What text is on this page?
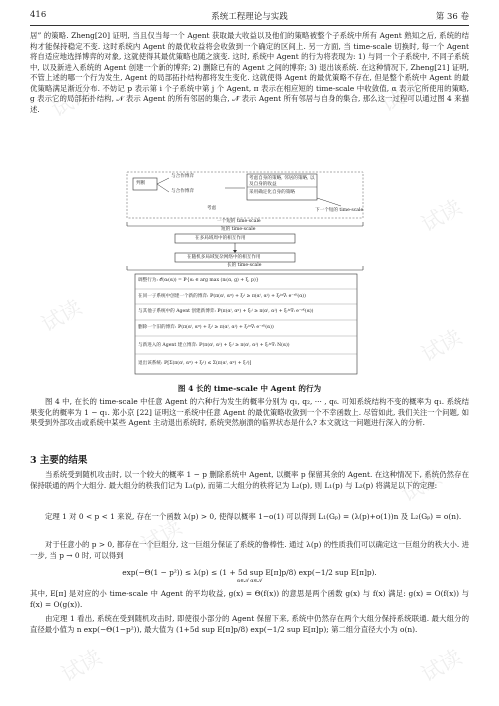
416	系统工程理论与实践	第 36 卷
居” 的策略. Zheng[20] 证明, 当且仅当每一个 Agent 获取最大收益以及他们的策略被整个子系统中所有 Agent 熟知之后, 系统的结构才能保持稳定不变. 这时系统内 Agent 的最优收益将会收敛到一个确定的区间上. 另一方面, 当 time-scale 切换时, 每一个 Agent 将自适应地选择博弈的对象, 这就使得其最优策略也随之演变. 这时, 系统中 Agent 的行为将表现为: 1) 与同一个子系统中, 不同子系统中, 以及新进入系统的 Agent 创建一个新的博弈; 2) 删除已有的 Agent 之间的博弈; 3) 退出该系统. 在这种情况下, Zheng[21] 证明, 不管上述的哪一个行为发生, Agent 的局部拓扑结构都将发生变化. 这就使得 Agent 的最优策略不存在, 但是整个系统中 Agent 的最优策略满足渐近分布. 不妨记 p 表示第 i 个子系统中第 j 个 Agent, π 表示在相应短的 time-scale 中收敛值, α 表示它所使用的策略, g 表示它的局部拓扑结构, 𝒩 表示 Agent 的所有邻居的集合, 𝒩̄ 表示 Agent 所有邻居与自身的集合, 那么这一过程可以通过图 4 来描述.
判断
与合作博弈
与合作博弈
考虑
考虑自身的策略, 邻居的策略, 以及自身的收益
采用确定化自身的策略
下一个短的 time-scale
一个短的 time-scale
短的 time-scale
在多局域周中的相互作用
在随机多局域复杂网络中的相互作用
长的 time-scale
调整行为: 𝒪(αᵢ(α)) = ℙ{αᵢ ∈ arg max (πᵢ(α, g) + ξ, p)}
在同一子系统中创建一个新的博弈: ℙ(π(αⁱ, αᵍ) + ξᵢʲ ≥ π(αⁱ, αʲ) + ξᵢʲᵍ∇ᵢ e⁻ᶻᴷ(α))
与其他子系统中的 Agent 创建新博弈: ℙ(π(αⁱ, αᵍ) + ξᵢʲ ≥ π(αⁱ, αʲ) + ξᵢʲᵍ∇ᵢ e⁻ᶻᴷ(α))
删除一个旧的博弈: ℙ(π(αⁱ, αᵍ) + ξᵢʲ ≥ π(αⁱ, αʲ) + ξᵢʲᵍ∇ᵢ e⁻ᶻᴷ(α))
与新进入的 Agent 建立博弈: ℙ(π(αⁱ, αʲ) + ξᵢʲ ≥ π(αⁱ, αʲ) + ξᵢʲᵍ∇ᵢ N(α))
退出该系统: ℙ[Σ(π(αⁱ, αᵍ) + ξᵢʲ) ≤ Σ(π(αⁱ, αᵍ) + ξᵢʲ)]
图 4 长的 time-scale 中 Agent 的行为
图 4 中, 在长的 time-scale 中任意 Agent 的六种行为发生的概率分别为 q₁, q₂, ··· , q₆. 可知系统结构不变的概率为 q₁. 系统结果变化的概率为 1 − q₁. 郑小京 [22] 证明这一系统中任意 Agent 的最优策略收敛到一个不幸函数上. 尽管如此, 我们关注一个问题, 如果受到外部攻击或系统中某些 Agent 主动退出系统时, 系统突然崩溃的临界状态是什么? 本文就这一问题进行深入的分析.
3 主要的结果
当系统受到随机攻击时, 以一个较大的概率 1 − p 删除系统中 Agent, 以概率 p 保留其余的 Agent. 在这种情况下, 系统仍然存在保持联通的两个大组分. 最大组分的秩我们记为 L₁(p), 而第二大组分的秩将记为 L₂(p), 则 L₁(p) 与 L₂(p) 将满足以下的定理:
定理 1 对 0 < p < 1 来说, 存在一个函数 λ(p) > 0, 使得以概率 1−o(1) 可以得到 L₁(Gₚ) = (λ(p)+o(1))n 及 L₂(Gₚ) = o(n).
对于任意小的 p > 0, 都存在一个巨组分, 这一巨组分保证了系统的鲁棒性. 通过 λ(p) 的性质我们可以确定这一巨组分的秩大小. 进一步, 当 p → 0 时, 可以得到
exp(−Θ(1 − p²)) ≤ λ(p) ≤ (1 + 5d sup E[π]p/8) exp(−1/2 sup E[π]p).
α∈𝒜 α∈𝒜
其中, E[π] 是对应的小 time-scale 中 Agent 的平均收益, g(x) = Θ(f(x)) 的意思是两个函数 g(x) 与 f(x) 满足: g(x) = O(f(x)) 与 f(x) = O(g(x)).
由定理 1 看出, 系统在受到随机攻击时, 即使很小部分的 Agent 保留下来, 系统中仍然存在两个大组分保持系统联通. 最大组分的直径最小值为 n exp(−Θ(1−p²)), 最大值为 (1+5d sup E[π]p/8) exp(−1/2 sup E[π]p); 第二组分直径大小为 o(n).
试读	试读
试读
试读
试读
试读
试读
试读	试读
